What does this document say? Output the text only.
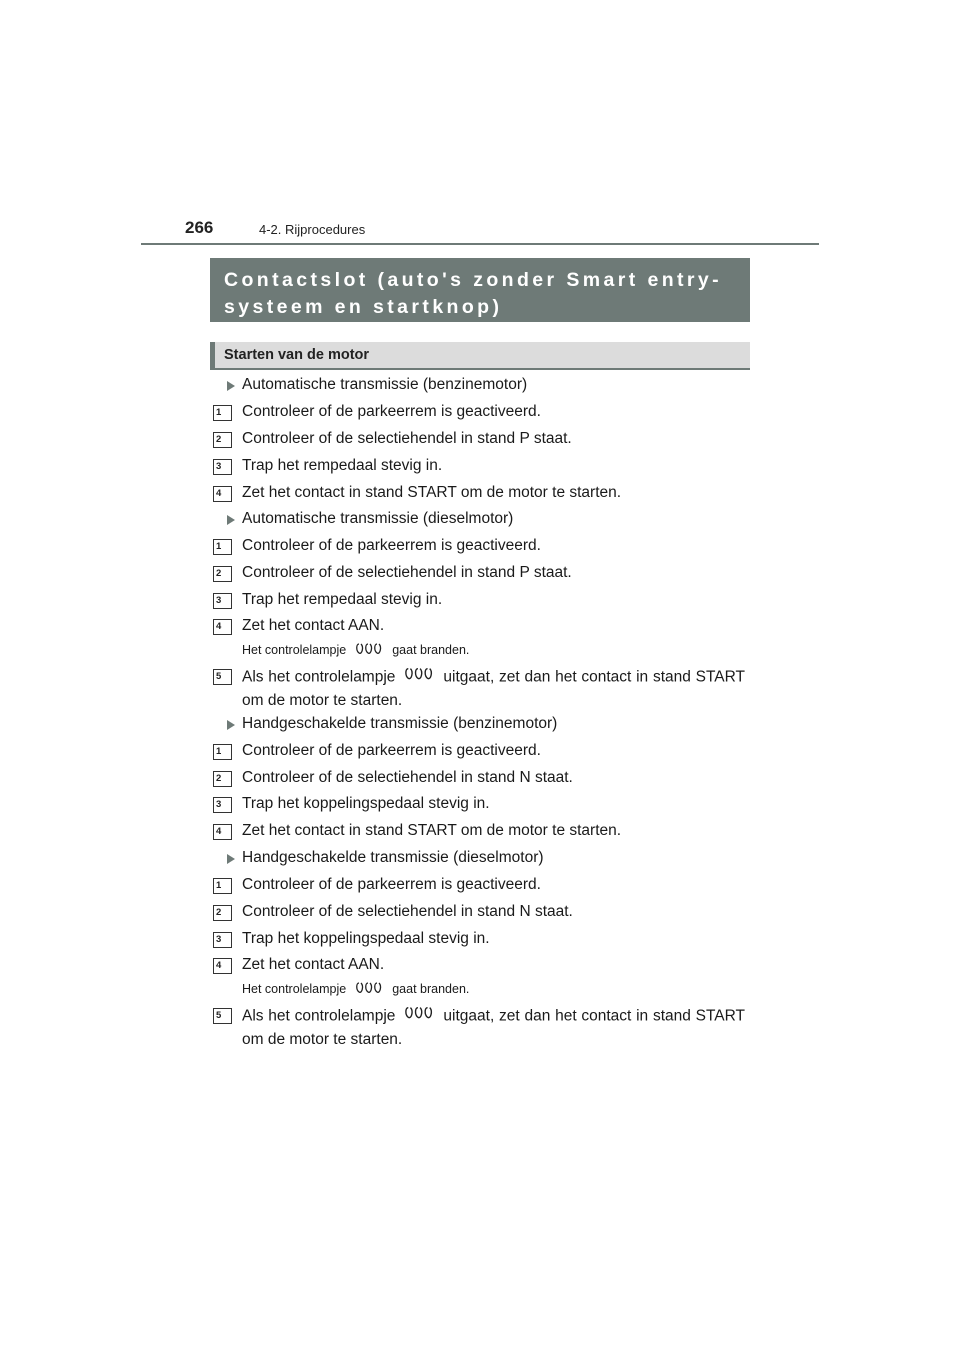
266	4-2. Rijprocedures
Contactslot (auto's zonder Smart entry-
systeem en startknop)
Starten van de motor
Automatische transmissie (benzinemotor)
1	Controleer of de parkeerrem is geactiveerd.
2	Controleer of de selectiehendel in stand P staat.
3	Trap het rempedaal stevig in.
4	Zet het contact in stand START om de motor te starten.
Automatische transmissie (dieselmotor)
1	Controleer of de parkeerrem is geactiveerd.
2	Controleer of de selectiehendel in stand P staat.
3	Trap het rempedaal stevig in.
4	Zet het contact AAN.
Het controlelampje	gaat branden.
5	Als het controlelampje	uitgaat, zet dan het contact in stand START om de motor te starten.
Handgeschakelde transmissie (benzinemotor)
1	Controleer of de parkeerrem is geactiveerd.
2	Controleer of de selectiehendel in stand N staat.
3	Trap het koppelingspedaal stevig in.
4	Zet het contact in stand START om de motor te starten.
Handgeschakelde transmissie (dieselmotor)
1	Controleer of de parkeerrem is geactiveerd.
2	Controleer of de selectiehendel in stand N staat.
3	Trap het koppelingspedaal stevig in.
4	Zet het contact AAN.
Het controlelampje	gaat branden.
5	Als het controlelampje	uitgaat, zet dan het contact in stand START om de motor te starten.
